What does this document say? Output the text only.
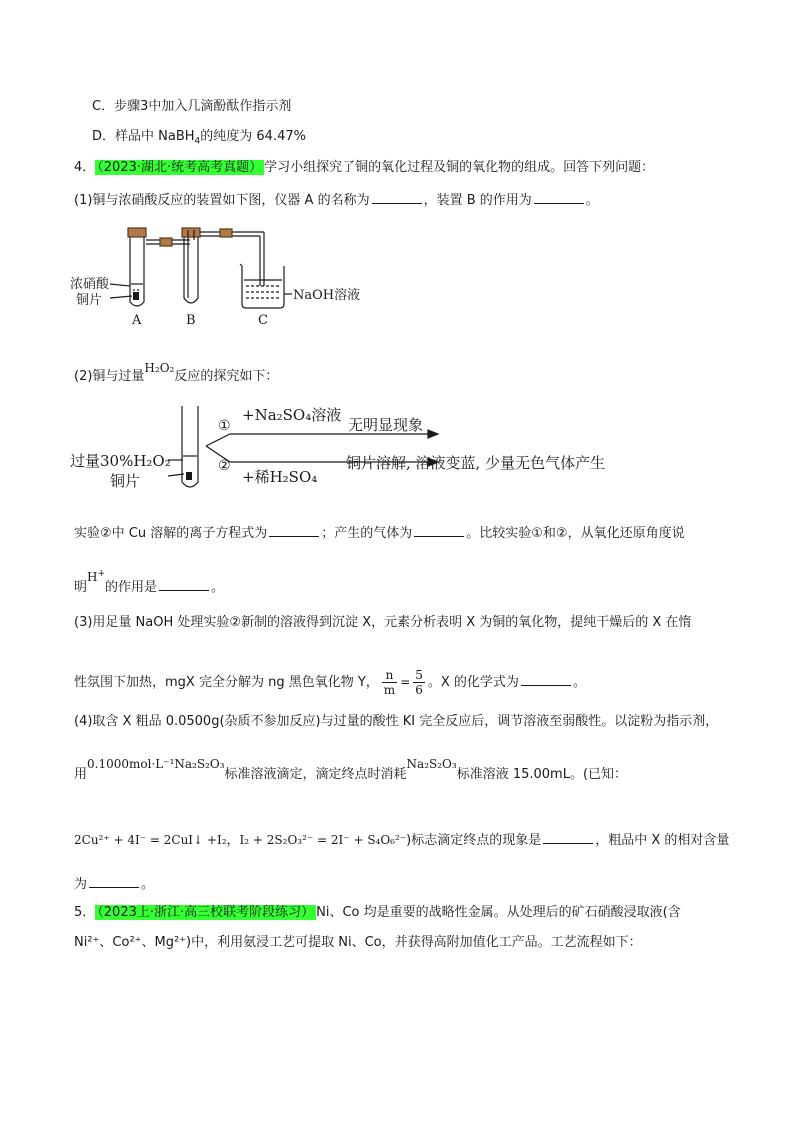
C．步骤3中加入几滴酚酞作指示剂
D．样品中 NaBH$_4$的纯度为 64.47%
4． （2023·湖北·统考高考真题） 学习小组探究了铜的氧化过程及铜的氧化物的组成。回答下列问题：
(1)铜与浓硝酸反应的装置如下图，仪器 A 的名称为	，装置 B 的作用为	。
浓硝酸
铜片	NaOH溶液
A	B	C
(2)铜与过量H₂O₂反应的探究如下：
过量30%H₂O₂
铜片
①
②
+Na₂SO₄溶液
无明显现象
铜片溶解, 溶液变蓝, 少量无色气体产生
+稀H₂SO₄
实验②中 Cu 溶解的离子方程式为	；产生的气体为	。比较实验①和②，从氧化还原角度说
明H+的作用是	。
(3)用足量 NaOH 处理实验②新制的溶液得到沉淀 X，元素分析表明 X 为铜的氧化物，提纯干燥后的 X 在惰
性氛围下加热，mgX 完全分解为 ng 黑色氧化物 Y， $\frac{n}{m} = \frac{5}{6}$ 。X 的化学式为	。
(4)取含 X 粗品 0.0500g(杂质不参加反应)与过量的酸性 KI 完全反应后，调节溶液至弱酸性。以淀粉为指示剂，
用0.1000mol·L⁻¹Na₂S₂O₃标准溶液滴定，滴定终点时消耗Na₂S₂O₃标准溶液 15.00mL。(已知：
2Cu²⁺ + 4I⁻ = 2CuI↓ +I₂，I₂ + 2S₂O₃²⁻ = 2I⁻ + S₄O₆²⁻)标志滴定终点的现象是	，粗品中 X 的相对含量
为	。
5． （2023上·浙江·高三校联考阶段练习） Ni、Co 均是重要的战略性金属。从处理后的矿石硝酸浸取液(含
Ni²⁺、Co²⁺、Mg²⁺)中，利用氨浸工艺可提取 Ni、Co，并获得高附加值化工产品。工艺流程如下：
